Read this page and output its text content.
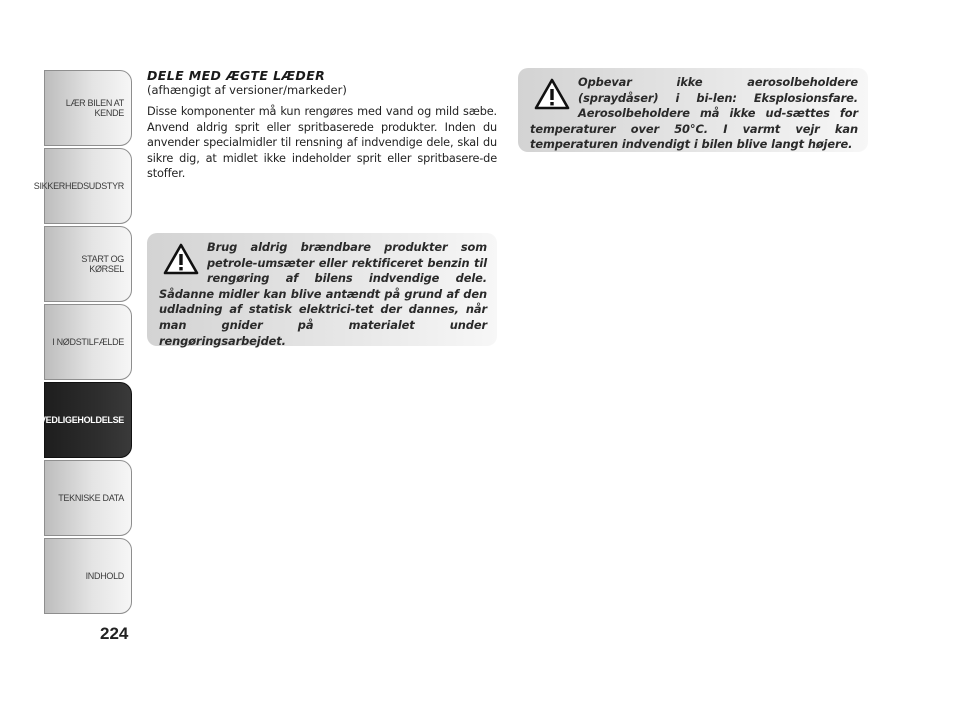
LÆR BILEN AT KENDE
SIKKERHEDSUDSTYR
START OG KØRSEL
I NØDSTILFÆLDE
VEDLIGEHOLDELSE
TEKNISKE DATA
INDHOLD
224
DELE MED ÆGTE LÆDER

(afhængigt af versioner/markeder)

Disse komponenter må kun rengøres med vand og mild sæbe. Anvend aldrig sprit eller spritbaserede produkter. Inden du anvender specialmidler til rensning af indvendige dele, skal du sikre dig, at midlet ikke indeholder sprit eller spritbasere-de stoffer.

Brug aldrig brændbare produkter som petrole-umsæter eller rektificeret benzin til rengøring af bilens indvendige dele. Sådanne midler kan blive antændt på grund af den udladning af statisk elektrici-tet der dannes, når man gnider på materialet under rengøringsarbejdet.
Opbevar ikke aerosolbeholdere (spraydåser) i bi-len: Eksplosionsfare. Aerosolbeholdere må ikke ud-sættes for temperaturer over 50°C. I varmt vejr kan temperaturen indvendigt i bilen blive langt højere.
